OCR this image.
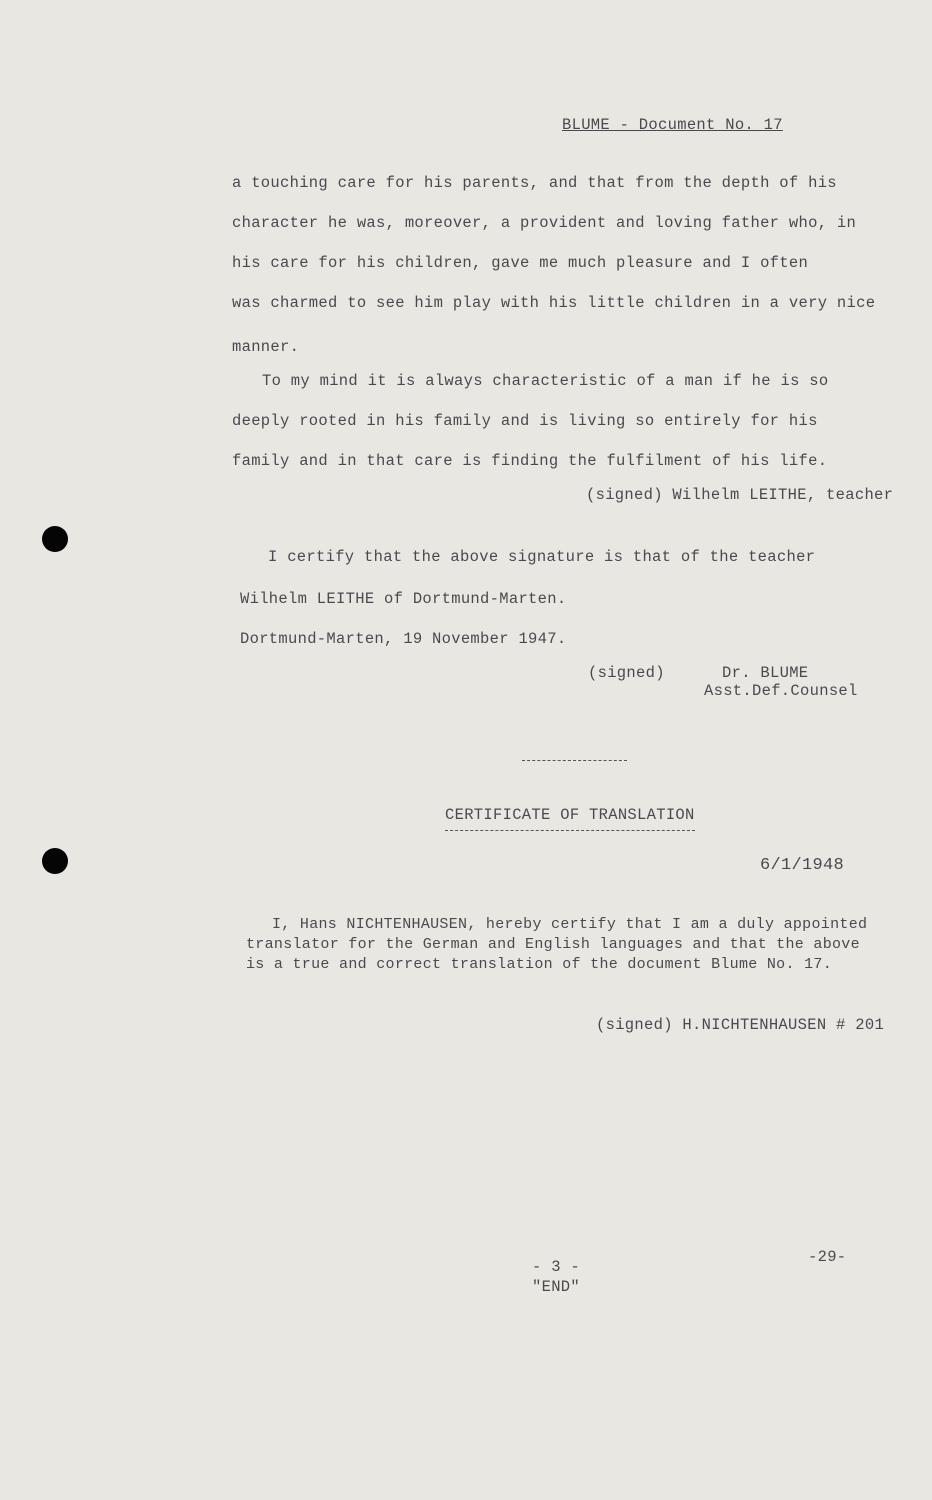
BLUME - Document No. 17
a touching care for his parents, and that from the depth of his
character he was, moreover, a provident and loving father who, in
his care for his children, gave me much pleasure and I often
was charmed to see him play with his little children in a very nice
manner.
To my mind it is always characteristic of a man if he is so
deeply rooted in his family and is living so entirely for his
family and in that care is finding the fulfilment of his life.
(signed) Wilhelm LEITHE, teacher
I certify that the above signature is that of the teacher
Wilhelm LEITHE of Dortmund-Marten.
Dortmund-Marten, 19 November 1947.
(signed)	Dr. BLUME
Asst.Def.Counsel
CERTIFICATE OF TRANSLATION
6/1/1948
I, Hans NICHTENHAUSEN, hereby certify that I am a duly appointed
translator for the German and English languages and that the above
is a true and correct translation of the document Blume No. 17.
(signed) H.NICHTENHAUSEN # 201
- 3 -
"END"
-29-
